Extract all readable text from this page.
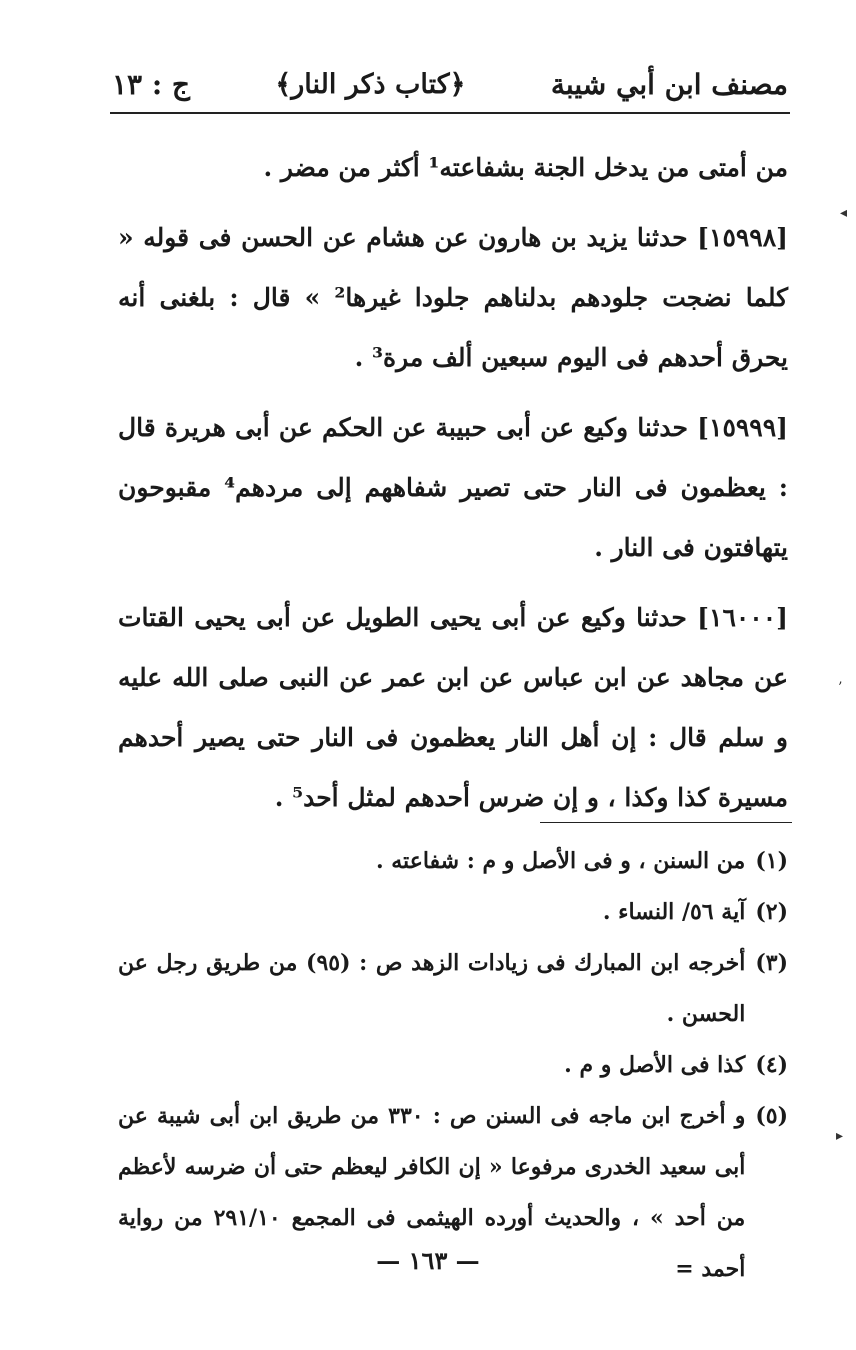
مصنف ابن أبي شيبة
﴿كتاب ذكر النار﴾
ج : ١٣

من أمتى من يدخل الجنة بشفاعته¹ أكثر من مضر .

[١٥٩٩٨] حدثنا يزيد بن هارون عن هشام عن الحسن فى قوله « كلما نضجت جلودهم بدلناهم جلودا غيرها² » قال : بلغنى أنه يحرق أحدهم فى اليوم سبعين ألف مرة³ .

[١٥٩٩٩] حدثنا وكيع عن أبى حبيبة عن الحكم عن أبى هريرة قال : يعظمون فى النار حتى تصير شفاههم إلى مردهم⁴ مقبوحون يتهافتون فى النار .

[١٦٠٠٠] حدثنا وكيع عن أبى يحيى الطويل عن أبى يحيى القتات عن مجاهد عن ابن عباس عن ابن عمر عن النبى صلى الله عليه و سلم قال : إن أهل النار يعظمون فى النار حتى يصير أحدهم مسيرة كذا وكذا ، و إن ضرس أحدهم لمثل أحد⁵ .

(١)
من السنن ، و فى الأصل و م : شفاعته .
(٢)
آية ٥٦/ النساء .
(٣)
أخرجه ابن المبارك فى زيادات الزهد ص : (٩٥) من طريق رجل عن الحسن .
(٤)
كذا فى الأصل و م .
(٥)
و أخرج ابن ماجه فى السنن ص : ٣٣٠ من طريق ابن أبى شيبة عن أبى سعيد الخدرى مرفوعا « إن الكافر ليعظم حتى أن ضرسه لأعظم من أحد » ، والحديث أورده الهيثمى فى المجمع ٢٩١/١٠ من رواية أحمد =
— ١٦٣ —
◂
’
▸
